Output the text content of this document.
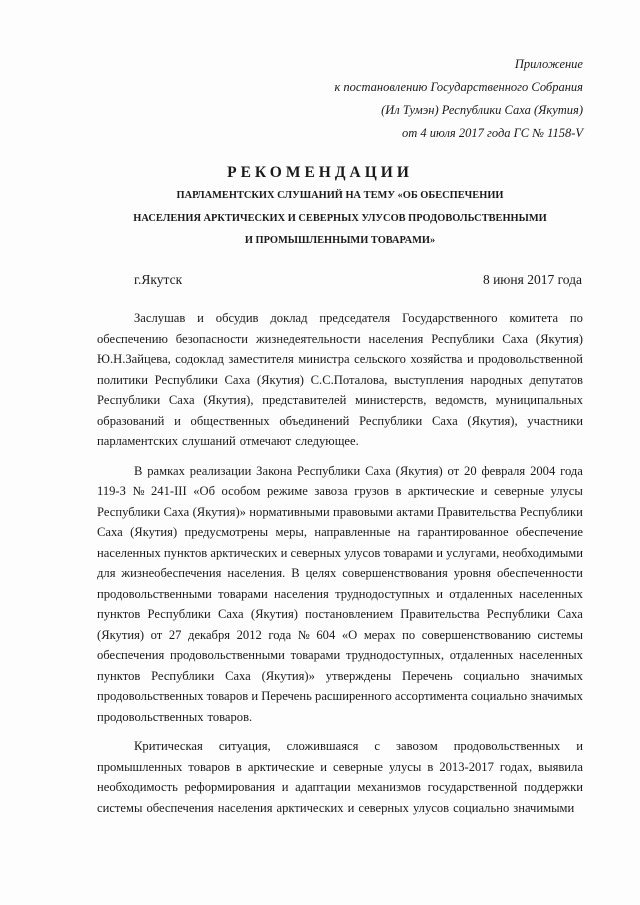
Приложение
к постановлению Государственного Собрания
(Ил Тумэн) Республики Саха (Якутия)
от 4 июля 2017 года ГС № 1158-V
РЕКОМЕНДАЦИИ
ПАРЛАМЕНТСКИХ СЛУШАНИЙ НА ТЕМУ «ОБ ОБЕСПЕЧЕНИИ
НАСЕЛЕНИЯ АРКТИЧЕСКИХ И СЕВЕРНЫХ УЛУСОВ ПРОДОВОЛЬСТВЕННЫМИ
И ПРОМЫШЛЕННЫМИ ТОВАРАМИ»
г.Якутск	8 июня 2017 года
Заслушав и обсудив доклад председателя Государственного комитета по
обеспечению безопасности жизнедеятельности населения Республики Саха (Якутия)
Ю.Н.Зайцева, содоклад заместителя министра сельского хозяйства и продовольственной
политики Республики Саха (Якутия) С.С.Поталова, выступления народных депутатов
Республики Саха (Якутия), представителей министерств, ведомств, муниципальных
образований и общественных объединений Республики Саха (Якутия), участники
парламентских слушаний отмечают следующее.
В рамках реализации Закона Республики Саха (Якутия) от 20 февраля 2004 года
119-З № 241-III «Об особом режиме завоза грузов в арктические и северные улусы
Республики Саха (Якутия)» нормативными правовыми актами Правительства Республики
Саха (Якутия) предусмотрены меры, направленные на гарантированное обеспечение
населенных пунктов арктических и северных улусов товарами и услугами, необходимыми
для жизнеобеспечения населения. В целях совершенствования уровня обеспеченности
продовольственными товарами населения труднодоступных и отдаленных населенных
пунктов Республики Саха (Якутия) постановлением Правительства Республики Саха
(Якутия) от 27 декабря 2012 года № 604 «О мерах по совершенствованию системы
обеспечения продовольственными товарами труднодоступных, отдаленных населенных
пунктов Республики Саха (Якутия)» утверждены Перечень социально значимых
продовольственных товаров и Перечень расширенного ассортимента социально значимых
продовольственных товаров.
Критическая ситуация, сложившаяся с завозом продовольственных и
промышленных товаров в арктические и северные улусы в 2013-2017 годах, выявила
необходимость реформирования и адаптации механизмов государственной поддержки
системы обеспечения населения арктических и северных улусов социально значимыми
